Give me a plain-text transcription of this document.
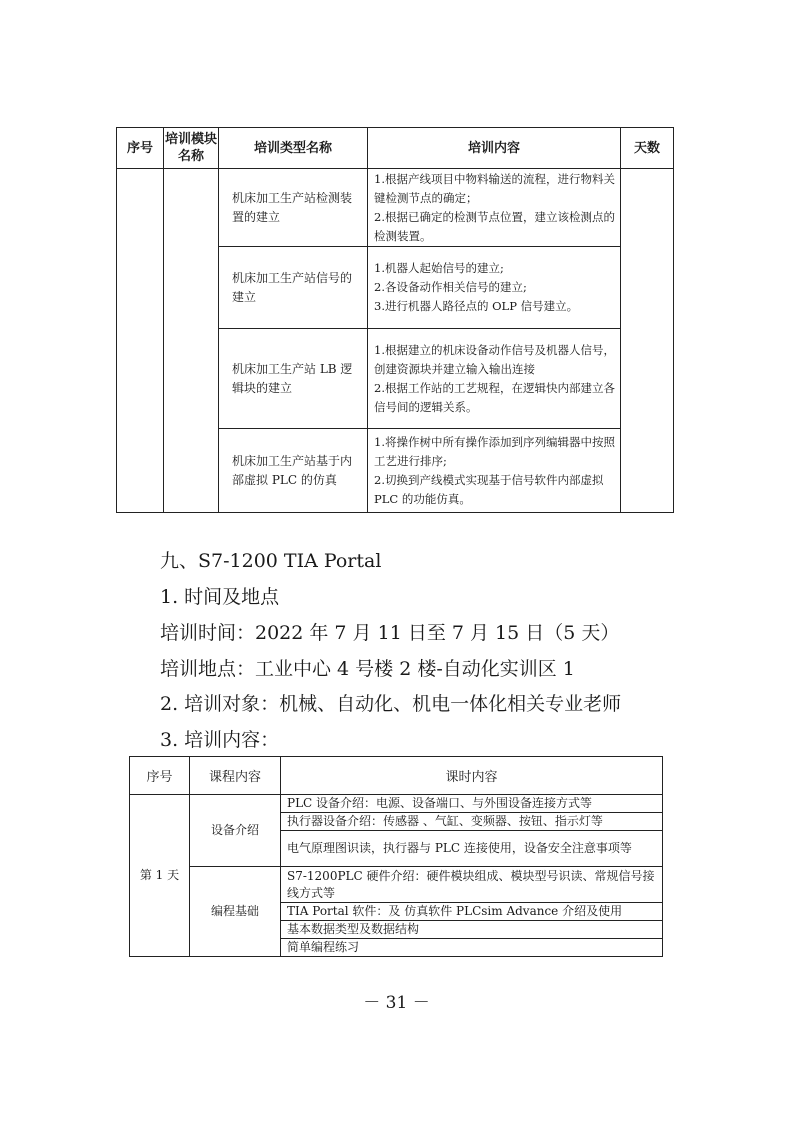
序号	培训模块名称	培训类型名称	培训内容	天数
		机床加工生产站检测装置的建立	1.根据产线项目中物料输送的流程，进行物料关键检测节点的确定；
2.根据已确定的检测节点位置，建立该检测点的检测装置。	

		机床加工生产站信号的建立	1.机器人起始信号的建立;
2.各设备动作相关信号的建立;
3.进行机器人路径点的 OLP 信号建立。	

		机床加工生产站 LB 逻辑块的建立	1.根据建立的机床设备动作信号及机器人信号，创建资源块并建立输入输出连接
2.根据工作站的工艺规程，在逻辑快内部建立各信号间的逻辑关系。	

		机床加工生产站基于内部虚拟 PLC 的仿真	1.将操作树中所有操作添加到序列编辑器中按照工艺进行排序;
2.切换到产线模式实现基于信号软件内部虚拟 PLC 的功能仿真。	
九、S7-1200 TIA Portal
1. 时间及地点
培训时间：2022 年 7 月 11 日至 7 月 15 日（5 天）
培训地点：工业中心 4 号楼 2 楼-自动化实训区 1
2. 培训对象：机械、自动化、机电一体化相关专业老师
3. 培训内容：
序号	课程内容	课时内容
第 1 天	设备介绍	PLC 设备介绍：电源、设备端口、与外围设备连接方式等
		执行器设备介绍：传感器 、气缸、变频器、按钮、指示灯等
		电气原理图识读，执行器与 PLC 连接使用，设备安全注意事项等
	编程基础	S7-1200PLC 硬件介绍：硬件模块组成、模块型号识读、常规信号接线方式等
		TIA Portal 软件：及 仿真软件 PLCsim Advance 介绍及使用
		基本数据类型及数据结构
		简单编程练习
－ 31 －
